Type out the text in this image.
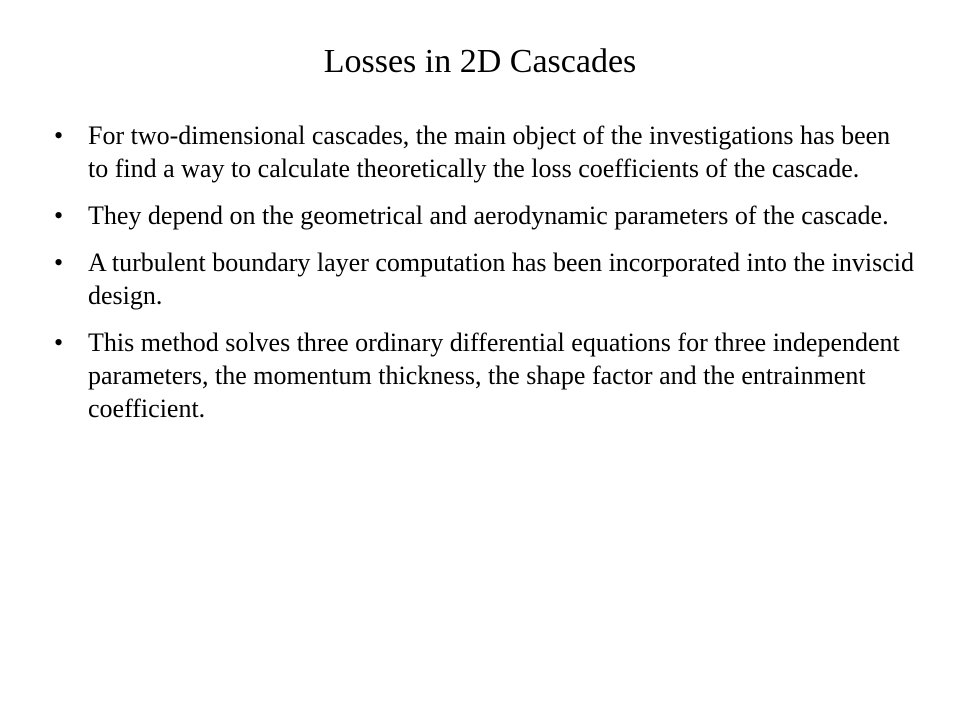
Losses in 2D Cascades
• For two-dimensional cascades, the main object of the investigations has been to find a way to calculate theoretically the loss coefficients of the cascade.
• They depend on the geometrical and aerodynamic parameters of the cascade.
• A turbulent boundary layer computation has been incorporated into the inviscid design.
• This method solves three ordinary differential equations for three independent parameters, the momentum thickness, the shape factor and the entrainment coefficient.
